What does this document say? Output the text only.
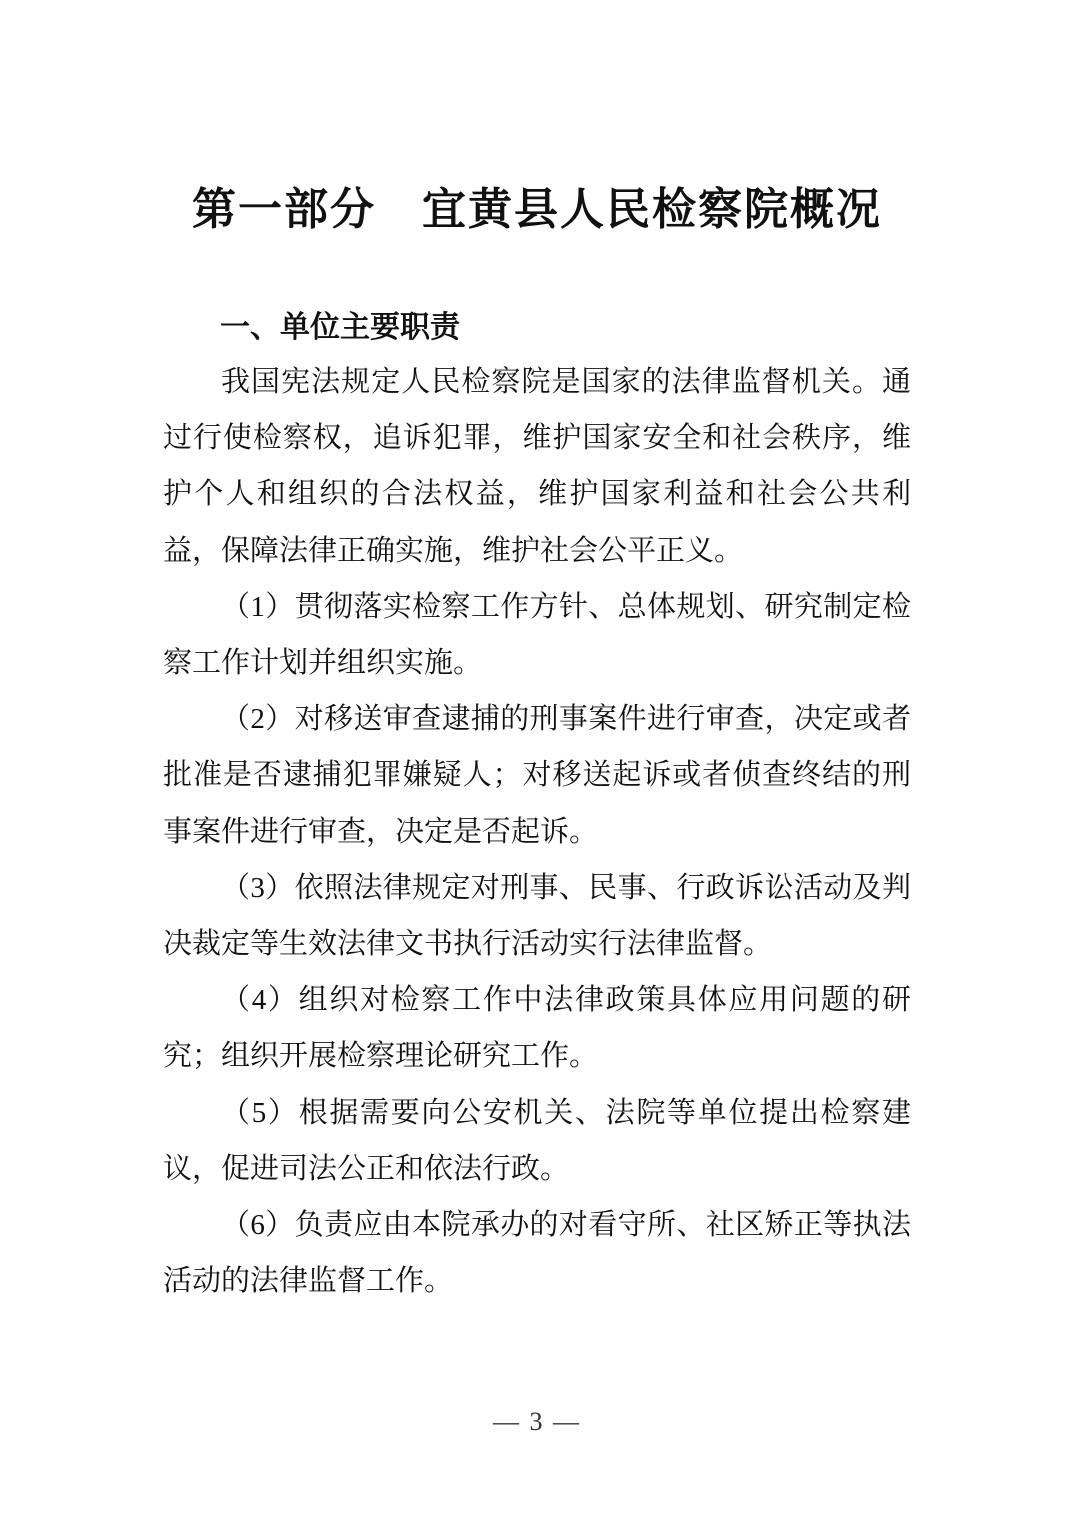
第一部分　宜黄县人民检察院概况
一、单位主要职责

我国宪法规定人民检察院是国家的法律监督机关。通过行使检察权，追诉犯罪，维护国家安全和社会秩序，维护个人和组织的合法权益，维护国家利益和社会公共利益，保障法律正确实施，维护社会公平正义。

（1）贯彻落实检察工作方针、总体规划、研究制定检察工作计划并组织实施。

（2）对移送审查逮捕的刑事案件进行审查，决定或者批准是否逮捕犯罪嫌疑人；对移送起诉或者侦查终结的刑事案件进行审查，决定是否起诉。

（3）依照法律规定对刑事、民事、行政诉讼活动及判决裁定等生效法律文书执行活动实行法律监督。

（4）组织对检察工作中法律政策具体应用问题的研究；组织开展检察理论研究工作。

（5）根据需要向公安机关、法院等单位提出检察建议，促进司法公正和依法行政。

（6）负责应由本院承办的对看守所、社区矫正等执法活动的法律监督工作。

— 3 —
